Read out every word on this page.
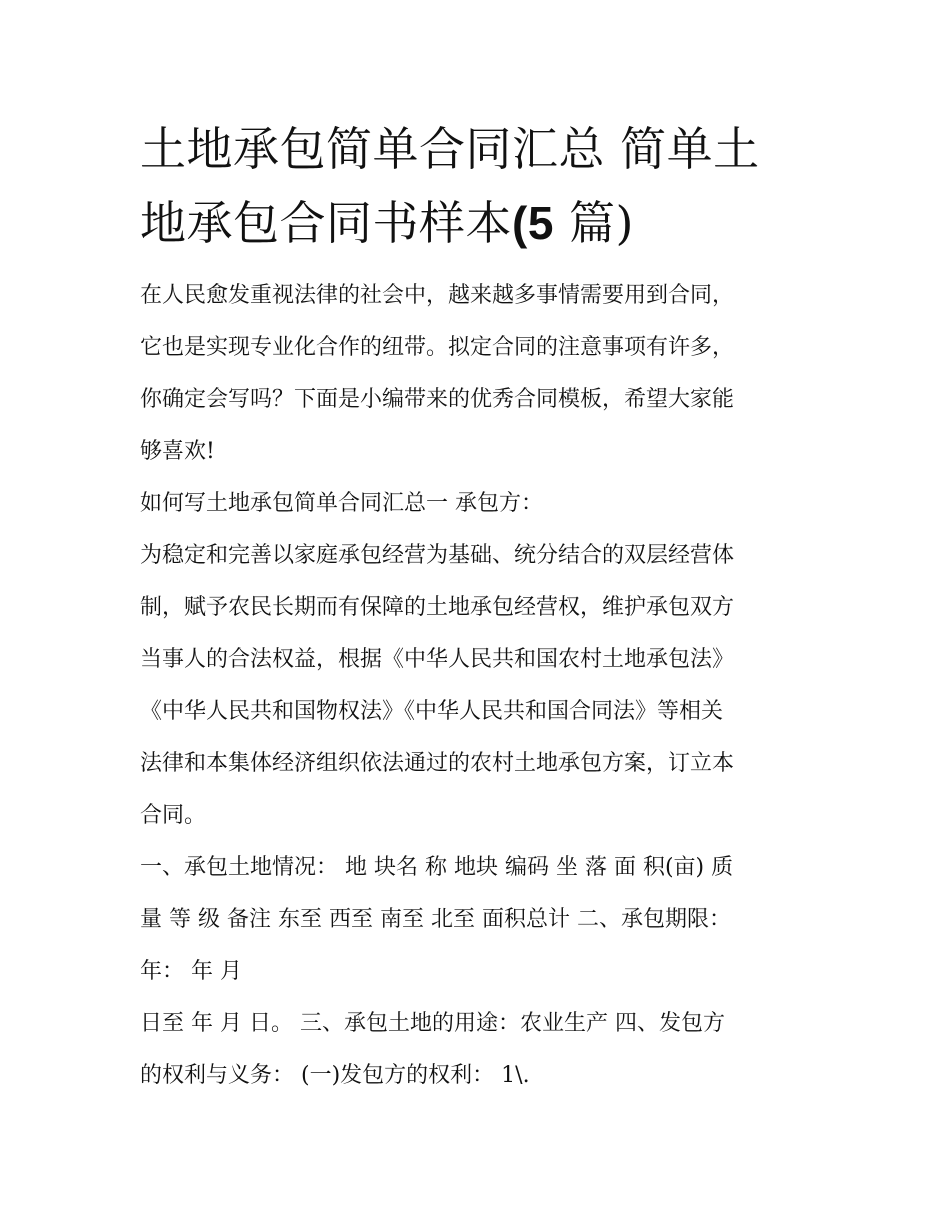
土地承包简单合同汇总 简单土
地承包合同书样本(5 篇)

在人民愈发重视法律的社会中，越来越多事情需要用到合同，
它也是实现专业化合作的纽带。拟定合同的注意事项有许多，
你确定会写吗？下面是小编带来的优秀合同模板，希望大家能
够喜欢!

如何写土地承包简单合同汇总一 承包方：

为稳定和完善以家庭承包经营为基础、统分结合的双层经营体
制，赋予农民长期而有保障的土地承包经营权，维护承包双方
当事人的合法权益，根据《中华人民共和国农村土地承包法》
《中华人民共和国物权法》《中华人民共和国合同法》等相关
法律和本集体经济组织依法通过的农村土地承包方案，订立本
合同。

一、承包土地情况： 地 块名 称 地块 编码 坐 落 面 积(亩) 质
量 等 级 备注 东至 西至 南至 北至 面积总计 二、承包期限：
年： 年 月

日至 年 月 日。 三、承包土地的用途：农业生产 四、发包方
的权利与义务： (一)发包方的权利： 1\.
